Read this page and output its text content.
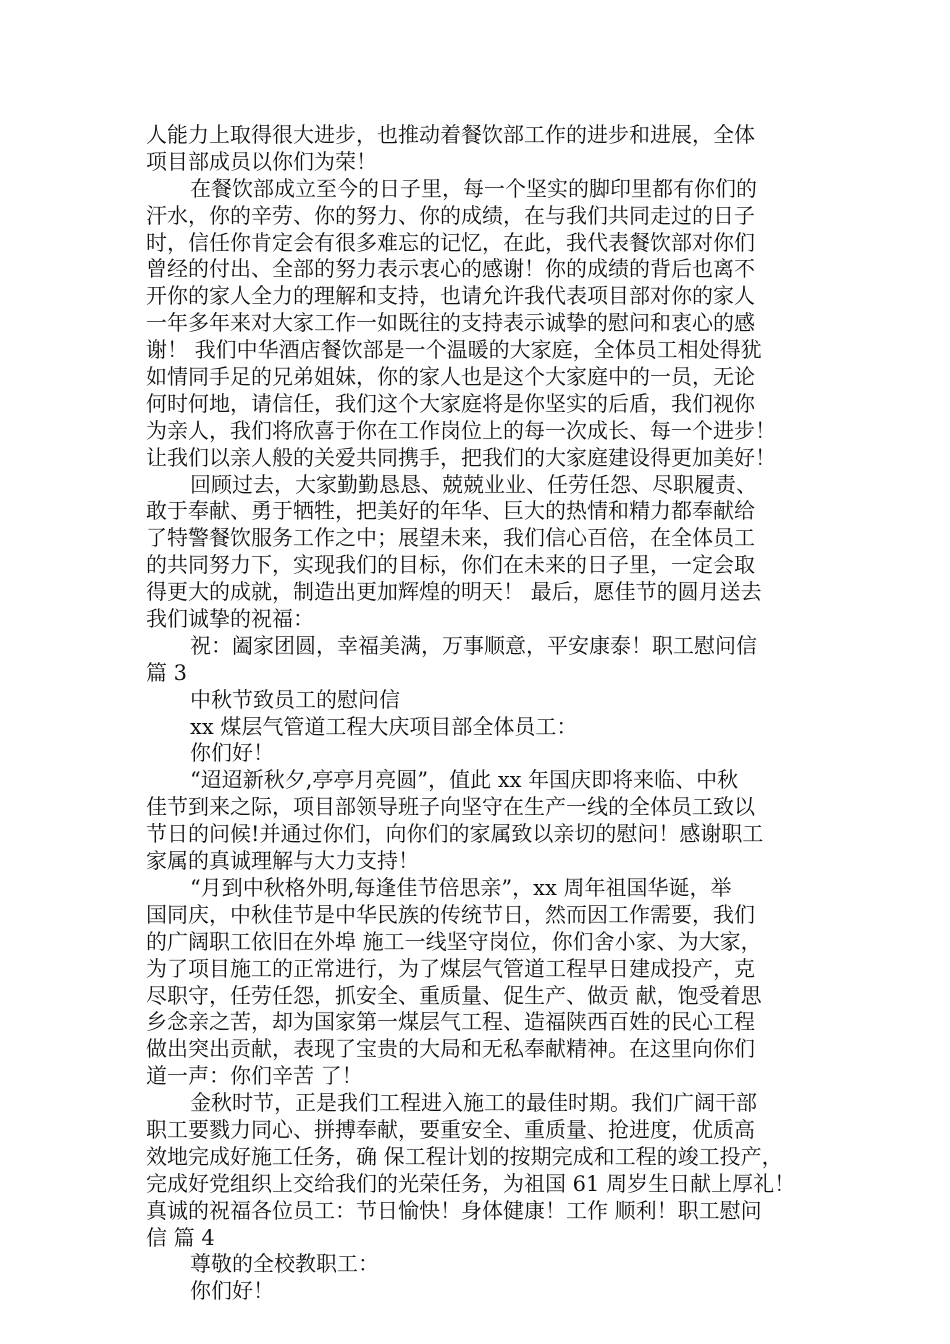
人能力上取得很大进步，也推动着餐饮部工作的进步和进展，全体
项目部成员以你们为荣！
在餐饮部成立至今的日子里，每一个坚实的脚印里都有你们的
汗水，你的辛劳、你的努力、你的成绩，在与我们共同走过的日子
时，信任你肯定会有很多难忘的记忆，在此，我代表餐饮部对你们
曾经的付出、全部的努力表示衷心的感谢！你的成绩的背后也离不
开你的家人全力的理解和支持，也请允许我代表项目部对你的家人
一年多年来对大家工作一如既往的支持表示诚挚的慰问和衷心的感
谢！ 我们中华酒店餐饮部是一个温暖的大家庭，全体员工相处得犹
如情同手足的兄弟姐妹，你的家人也是这个大家庭中的一员，无论
何时何地，请信任，我们这个大家庭将是你坚实的后盾，我们视你
为亲人，我们将欣喜于你在工作岗位上的每一次成长、每一个进步！
让我们以亲人般的关爱共同携手，把我们的大家庭建设得更加美好！
回顾过去，大家勤勤恳恳、兢兢业业、任劳任怨、尽职履责、
敢于奉献、勇于牺牲，把美好的年华、巨大的热情和精力都奉献给
了特警餐饮服务工作之中；展望未来，我们信心百倍，在全体员工
的共同努力下，实现我们的目标，你们在未来的日子里，一定会取
得更大的成就，制造出更加辉煌的明天！ 最后，愿佳节的圆月送去
我们诚挚的祝福：
祝：阖家团圆，幸福美满，万事顺意，平安康泰！职工慰问信
篇 3
中秋节致员工的慰问信
xx 煤层气管道工程大庆项目部全体员工：
你们好！
“迢迢新秋夕,亭亭月亮圆”，值此 xx 年国庆即将来临、中秋
佳节到来之际，项目部领导班子向坚守在生产一线的全体员工致以
节日的问候!并通过你们，向你们的家属致以亲切的慰问！感谢职工
家属的真诚理解与大力支持！
“月到中秋格外明,每逢佳节倍思亲”，xx 周年祖国华诞，举
国同庆，中秋佳节是中华民族的传统节日，然而因工作需要，我们
的广阔职工依旧在外埠 施工一线坚守岗位，你们舍小家、为大家，
为了项目施工的正常进行，为了煤层气管道工程早日建成投产，克
尽职守，任劳任怨，抓安全、重质量、促生产、做贡 献，饱受着思
乡念亲之苦，却为国家第一煤层气工程、造福陕西百姓的民心工程
做出突出贡献，表现了宝贵的大局和无私奉献精神。在这里向你们
道一声：你们辛苦 了！
金秋时节，正是我们工程进入施工的最佳时期。我们广阔干部
职工要戮力同心、拼搏奉献，要重安全、重质量、抢进度，优质高
效地完成好施工任务，确 保工程计划的按期完成和工程的竣工投产，
完成好党组织上交给我们的光荣任务，为祖国 61 周岁生日献上厚礼！
真诚的祝福各位员工：节日愉快！身体健康！工作 顺利！职工慰问
信 篇 4
尊敬的全校教职工：
你们好！
